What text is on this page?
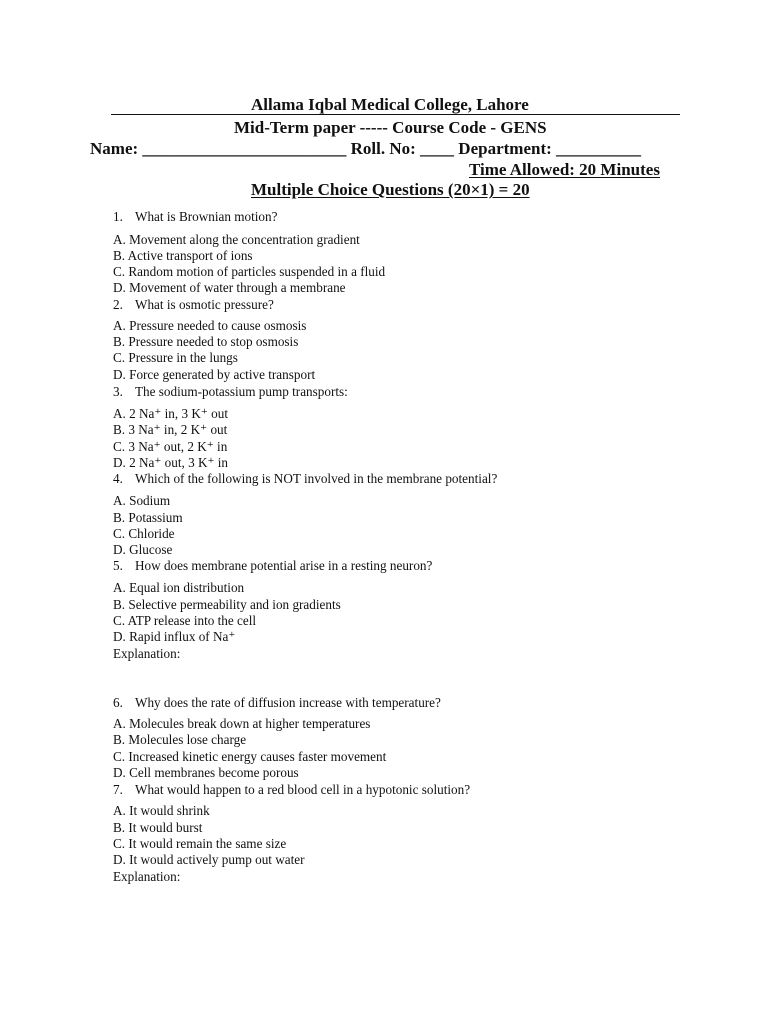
Allama Iqbal Medical College, Lahore
Mid-Term paper ----- Course Code - GENS
Name: ________________________ Roll. No: ____ Department: __________
Time Allowed: 20 Minutes
Multiple Choice Questions (20×1) = 20
1. What is Brownian motion?
A. Movement along the concentration gradient
B. Active transport of ions
C. Random motion of particles suspended in a fluid
D. Movement of water through a membrane
2. What is osmotic pressure?
A. Pressure needed to cause osmosis
B. Pressure needed to stop osmosis
C. Pressure in the lungs
D. Force generated by active transport
3. The sodium-potassium pump transports:
A. 2 Na⁺ in, 3 K⁺ out
B. 3 Na⁺ in, 2 K⁺ out
C. 3 Na⁺ out, 2 K⁺ in
D. 2 Na⁺ out, 3 K⁺ in
4. Which of the following is NOT involved in the membrane potential?
A. Sodium
B. Potassium
C. Chloride
D. Glucose
5. How does membrane potential arise in a resting neuron?
A. Equal ion distribution
B. Selective permeability and ion gradients
C. ATP release into the cell
D. Rapid influx of Na⁺
Explanation:
6. Why does the rate of diffusion increase with temperature?
A. Molecules break down at higher temperatures
B. Molecules lose charge
C. Increased kinetic energy causes faster movement
D. Cell membranes become porous
7. What would happen to a red blood cell in a hypotonic solution?
A. It would shrink
B. It would burst
C. It would remain the same size
D. It would actively pump out water
Explanation:
